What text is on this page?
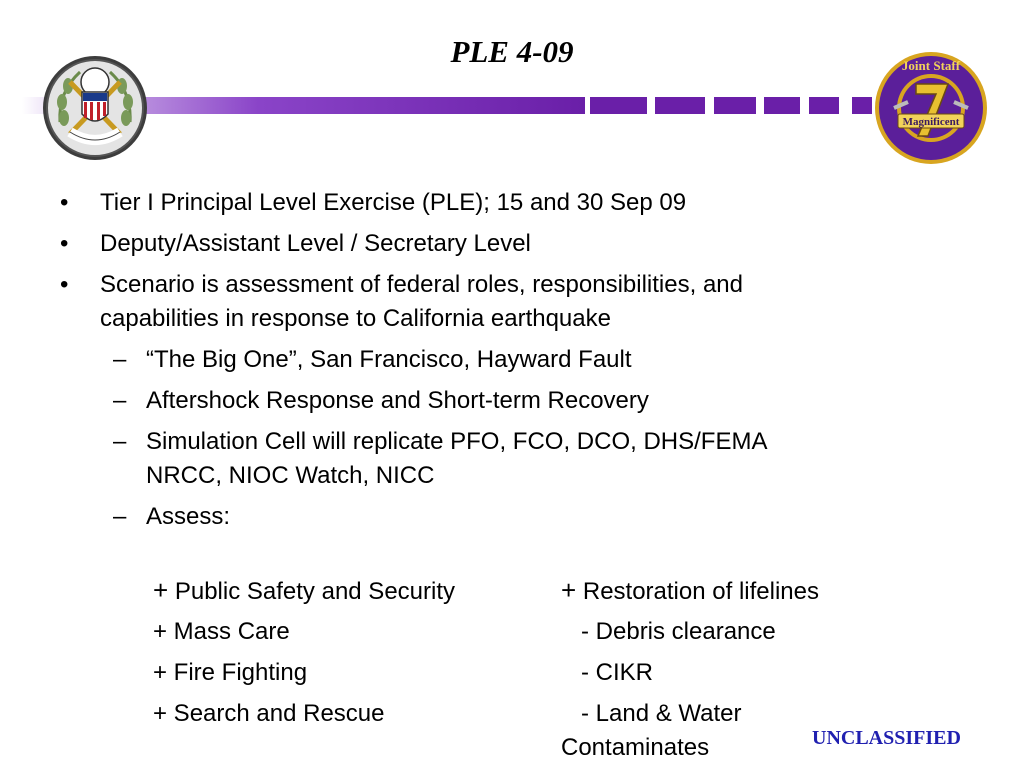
PLE 4-09
Magnificent
Joint Staff
• Tier I Principal Level Exercise (PLE); 15 and 30 Sep 09
• Deputy/Assistant Level / Secretary Level
• Scenario is assessment of federal roles, responsibilities, and
capabilities in response to California earthquake
– “The Big One”, San Francisco, Hayward Fault
– Aftershock Response and Short-term Recovery
– Simulation Cell will replicate PFO, FCO, DCO, DHS/FEMA
NRCC, NIOC Watch, NICC
– Assess:
+ Public Safety and Security
+ Mass Care
+ Fire Fighting
+ Search and Rescue
+ Restoration of lifelines
- Debris clearance
- CIKR
- Land & Water
Contaminates	UNCLASSIFIED
